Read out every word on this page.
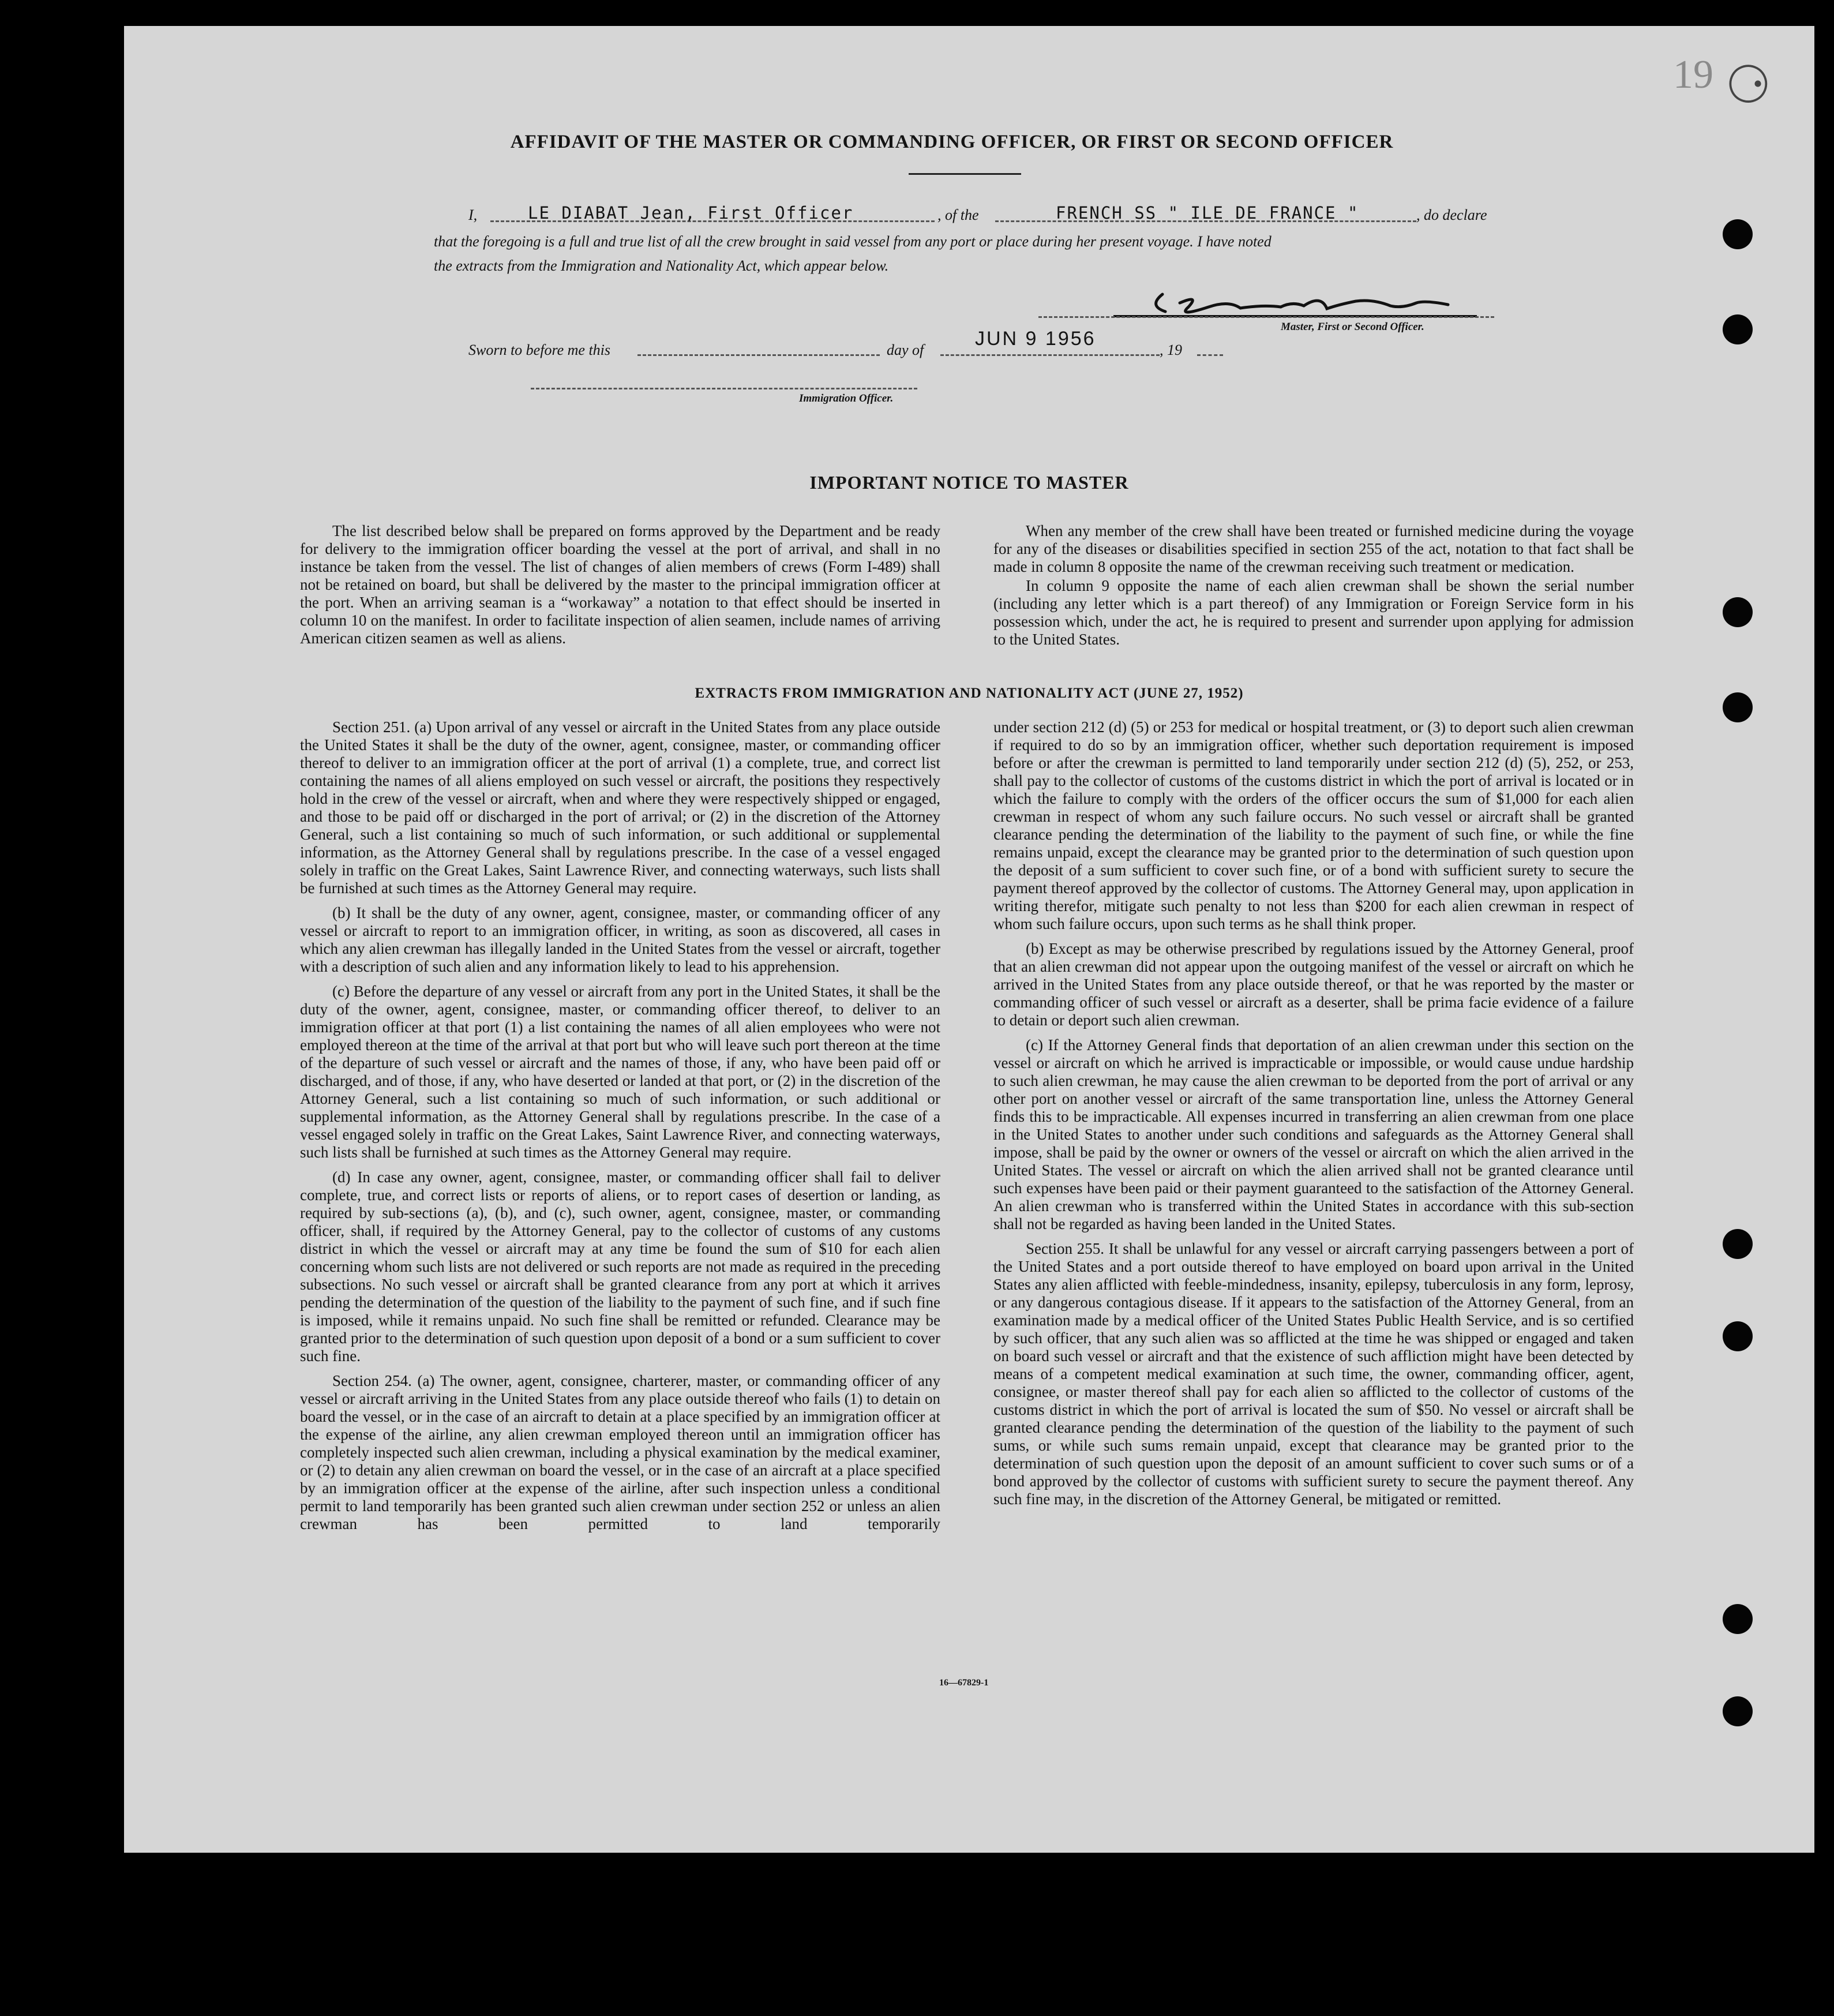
⚆
19
AFFIDAVIT OF THE MASTER OR COMMANDING OFFICER, OR FIRST OR SECOND OFFICER
I,	LE DIABAT Jean, First Officer	, of the	FRENCH SS " ILE DE FRANCE "	, do declare
that the foregoing is a full and true list of all the crew brought in said vessel from any port or place during her present voyage. I have noted
the extracts from the Immigration and Nationality Act, which appear below.
Master, First or Second Officer.
Sworn to before me this	day of
JUN 9 1956
, 19
Immigration Officer.
IMPORTANT NOTICE TO MASTER

The list described below shall be prepared on forms approved by the Department and be ready for delivery to the immigration officer boarding the vessel at the port of arrival, and shall in no instance be taken from the vessel. The list of changes of alien members of crews (Form I-489) shall not be retained on board, but shall be delivered by the master to the principal immigration officer at the port. When an arriving seaman is a “workaway” a notation to that effect should be inserted in column 10 on the manifest. In order to facilitate inspection of alien seamen, include names of arriving American citizen seamen as well as aliens.

When any member of the crew shall have been treated or furnished medicine during the voyage for any of the diseases or disabilities specified in section 255 of the act, notation to that fact shall be made in column 8 opposite the name of the crewman receiving such treatment or medication.

In column 9 opposite the name of each alien crewman shall be shown the serial number (including any letter which is a part thereof) of any Immigration or Foreign Service form in his possession which, under the act, he is required to present and surrender upon applying for admission to the United States.

EXTRACTS FROM IMMIGRATION AND NATIONALITY ACT (JUNE 27, 1952)

Section 251. (a) Upon arrival of any vessel or aircraft in the United States from any place outside the United States it shall be the duty of the owner, agent, consignee, master, or commanding officer thereof to deliver to an immigration officer at the port of arrival (1) a complete, true, and correct list containing the names of all aliens employed on such vessel or aircraft, the positions they respectively hold in the crew of the vessel or aircraft, when and where they were respectively shipped or engaged, and those to be paid off or discharged in the port of arrival; or (2) in the discretion of the Attorney General, such a list containing so much of such information, or such additional or supplemental information, as the Attorney General shall by regulations prescribe. In the case of a vessel engaged solely in traffic on the Great Lakes, Saint Lawrence River, and connecting waterways, such lists shall be furnished at such times as the Attorney General may require.

(b) It shall be the duty of any owner, agent, consignee, master, or commanding officer of any vessel or aircraft to report to an immigration officer, in writing, as soon as discovered, all cases in which any alien crewman has illegally landed in the United States from the vessel or aircraft, together with a description of such alien and any information likely to lead to his apprehension.

(c) Before the departure of any vessel or aircraft from any port in the United States, it shall be the duty of the owner, agent, consignee, master, or commanding officer thereof, to deliver to an immigration officer at that port (1) a list containing the names of all alien employees who were not employed thereon at the time of the arrival at that port but who will leave such port thereon at the time of the departure of such vessel or aircraft and the names of those, if any, who have been paid off or discharged, and of those, if any, who have deserted or landed at that port, or (2) in the discretion of the Attorney General, such a list containing so much of such information, or such additional or supplemental information, as the Attorney General shall by regulations prescribe. In the case of a vessel engaged solely in traffic on the Great Lakes, Saint Lawrence River, and connecting waterways, such lists shall be furnished at such times as the Attorney General may require.

(d) In case any owner, agent, consignee, master, or commanding officer shall fail to deliver complete, true, and correct lists or reports of aliens, or to report cases of desertion or landing, as required by sub-sections (a), (b), and (c), such owner, agent, consignee, master, or commanding officer, shall, if required by the Attorney General, pay to the collector of customs of any customs district in which the vessel or aircraft may at any time be found the sum of $10 for each alien concerning whom such lists are not delivered or such reports are not made as required in the preceding subsections. No such vessel or aircraft shall be granted clearance from any port at which it arrives pending the determination of the question of the liability to the payment of such fine, and if such fine is imposed, while it remains unpaid. No such fine shall be remitted or refunded. Clearance may be granted prior to the determination of such question upon deposit of a bond or a sum sufficient to cover such fine.

Section 254. (a) The owner, agent, consignee, charterer, master, or commanding officer of any vessel or aircraft arriving in the United States from any place outside thereof who fails (1) to detain on board the vessel, or in the case of an aircraft to detain at a place specified by an immigration officer at the expense of the airline, any alien crewman employed thereon until an immigration officer has completely inspected such alien crewman, including a physical examination by the medical examiner, or (2) to detain any alien crewman on board the vessel, or in the case of an aircraft at a place specified by an immigration officer at the expense of the airline, after such inspection unless a conditional permit to land temporarily has been granted such alien crewman under section 252 or unless an alien crewman has been permitted to land temporarily

under section 212 (d) (5) or 253 for medical or hospital treatment, or (3) to deport such alien crewman if required to do so by an immigration officer, whether such deportation requirement is imposed before or after the crewman is permitted to land temporarily under section 212 (d) (5), 252, or 253, shall pay to the collector of customs of the customs district in which the port of arrival is located or in which the failure to comply with the orders of the officer occurs the sum of $1,000 for each alien crewman in respect of whom any such failure occurs. No such vessel or aircraft shall be granted clearance pending the determination of the liability to the payment of such fine, or while the fine remains unpaid, except the clearance may be granted prior to the determination of such question upon the deposit of a sum sufficient to cover such fine, or of a bond with sufficient surety to secure the payment thereof approved by the collector of customs. The Attorney General may, upon application in writing therefor, mitigate such penalty to not less than $200 for each alien crewman in respect of whom such failure occurs, upon such terms as he shall think proper.

(b) Except as may be otherwise prescribed by regulations issued by the Attorney General, proof that an alien crewman did not appear upon the outgoing manifest of the vessel or aircraft on which he arrived in the United States from any place outside thereof, or that he was reported by the master or commanding officer of such vessel or aircraft as a deserter, shall be prima facie evidence of a failure to detain or deport such alien crewman.

(c) If the Attorney General finds that deportation of an alien crewman under this section on the vessel or aircraft on which he arrived is impracticable or impossible, or would cause undue hardship to such alien crewman, he may cause the alien crewman to be deported from the port of arrival or any other port on another vessel or aircraft of the same transportation line, unless the Attorney General finds this to be impracticable. All expenses incurred in transferring an alien crewman from one place in the United States to another under such conditions and safeguards as the Attorney General shall impose, shall be paid by the owner or owners of the vessel or aircraft on which the alien arrived in the United States. The vessel or aircraft on which the alien arrived shall not be granted clearance until such expenses have been paid or their payment guaranteed to the satisfaction of the Attorney General. An alien crewman who is transferred within the United States in accordance with this sub-section shall not be regarded as having been landed in the United States.

Section 255. It shall be unlawful for any vessel or aircraft carrying passengers between a port of the United States and a port outside thereof to have employed on board upon arrival in the United States any alien afflicted with feeble-mindedness, insanity, epilepsy, tuberculosis in any form, leprosy, or any dangerous contagious disease. If it appears to the satisfaction of the Attorney General, from an examination made by a medical officer of the United States Public Health Service, and is so certified by such officer, that any such alien was so afflicted at the time he was shipped or engaged and taken on board such vessel or aircraft and that the existence of such affliction might have been detected by means of a competent medical examination at such time, the owner, commanding officer, agent, consignee, or master thereof shall pay for each alien so afflicted to the collector of customs of the customs district in which the port of arrival is located the sum of $50. No vessel or aircraft shall be granted clearance pending the determination of the question of the liability to the payment of such sums, or while such sums remain unpaid, except that clearance may be granted prior to the determination of such question upon the deposit of an amount sufficient to cover such sums or of a bond approved by the collector of customs with sufficient surety to secure the payment thereof. Any such fine may, in the discretion of the Attorney General, be mitigated or remitted.

16—67829-1
